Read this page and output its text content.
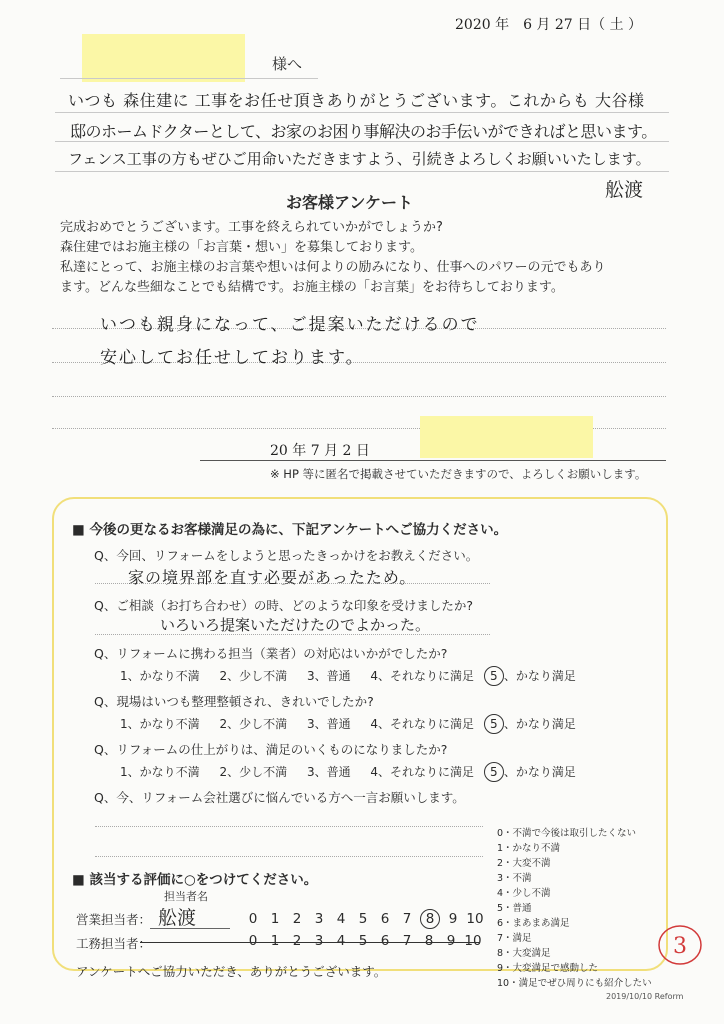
2020 年　6 月 27 日（ 土 ）
様へ
いつも 森住建に 工事をお任せ頂きありがとうございます。これからも 大谷様
邸のホームドクターとして、お家のお困り事解決のお手伝いができればと思います。
フェンス工事の方もぜひご用命いただきますよう、引続きよろしくお願いいたします。
舩渡
お客様アンケート
完成おめでとうございます。工事を終えられていかがでしょうか?
森住建ではお施主様の「お言葉・想い」を募集しております。
私達にとって、お施主様のお言葉や想いは何よりの励みになり、仕事へのパワーの元でもあり
ます。どんな些細なことでも結構です。お施主様の「お言葉」をお待ちしております。
いつも親身になって、ご提案いただけるので
安心してお任せしております。
20 年 7 月 2 日
※ HP 等に匿名で掲載させていただきますので、よろしくお願いします。
■ 今後の更なるお客様満足の為に、下記アンケートへご協力ください。
Q、今回、リフォームをしようと思ったきっかけをお教えください。
家の境界部を直す必要があったため。
Q、ご相談（お打ち合わせ）の時、どのような印象を受けましたか?
いろいろ提案いただけたのでよかった。
Q、リフォームに携わる担当（業者）の対応はいかがでしたか?
1、かなり不満 2、少し不満 3、普通 4、それなりに満足 5 、かなり満足
Q、現場はいつも整理整頓され、きれいでしたか?
1、かなり不満 2、少し不満 3、普通 4、それなりに満足 5 、かなり満足
Q、リフォームの仕上がりは、満足のいくものになりましたか?
1、かなり不満 2、少し不満 3、普通 4、それなりに満足 5 、かなり満足
Q、今、リフォーム会社選びに悩んでいる方へ一言お願いします。
0・不満で今後は取引したくない
1・かなり不満
2・大変不満
3・不満
4・少し不満
5・普通
6・まあまあ満足
7・満足
8・大変満足
9・大変満足で感動した
10・満足でぜひ周りにも紹介したい
■ 該当する評価に○をつけてください。
担当者名
営業担当者： 舩渡	0 1 2 3 4 5 6 7 8 9 10
工務担当者：	0 1 2 3 4 5 6 7 8 9 10
アンケートへご協力いただき、ありがとうございます。
3
2019/10/10 Reform
